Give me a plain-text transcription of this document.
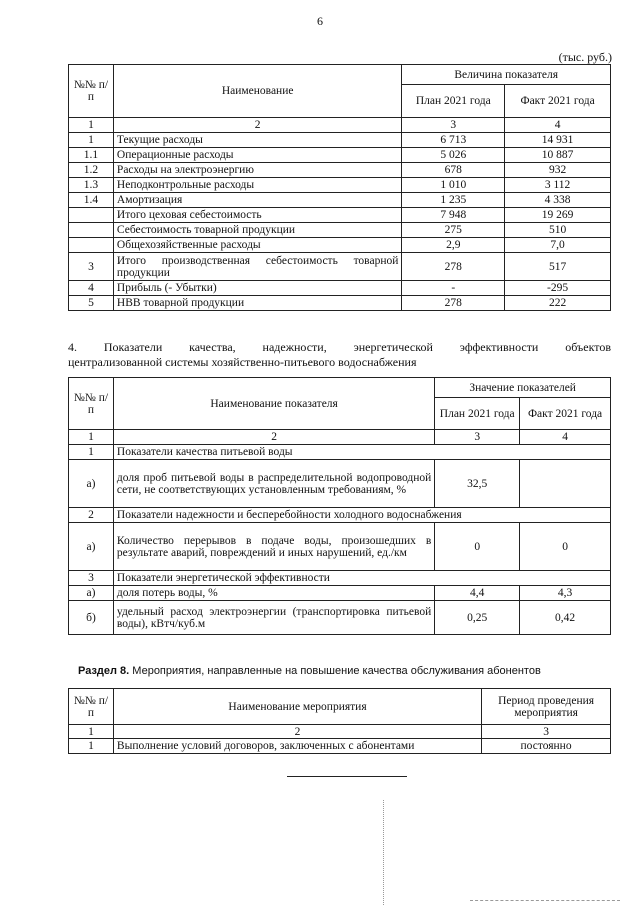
6
(тыс. руб.)
№№ п/п	Наименование	Величина показателя	
		План 2021 года	Факт 2021 года
1	2	3	4
1	Текущие расходы	6 713	14 931
1.1	Операционные расходы	5 026	10 887
1.2	Расходы на электроэнергию	678	932
1.3	Неподконтрольные расходы	1 010	3 112
1.4	Амортизация	1 235	4 338
	Итого цеховая себестоимость	7 948	19 269
	Себестоимость товарной продукции	275	510
	Общехозяйственные расходы	2,9	7,0
3	Итого производственная себестоимость товарной продукции	278	517
4	Прибыль (- Убытки)	-	-295
5	НВВ товарной продукции	278	222
4. Показатели качества, надежности, энергетической эффективности объектов
централизованной системы хозяйственно-питьевого водоснабжения
№№ п/п	Наименование показателя	Значение показателей	
		План 2021 года	Факт 2021 года
1	2	3	4
1	Показатели качества питьевой воды		
а)	доля проб питьевой воды в распределительной водопроводной сети, не соответствующих установленным требованиям, %	32,5	
2	Показатели надежности и бесперебойности холодного водоснабжения		
а)	Количество перерывов в подаче воды, произошедших в результате аварий, повреждений и иных нарушений, ед./км	0	0
3	Показатели энергетической эффективности		
а)	доля потерь воды, %	4,4	4,3
б)	удельный расход электроэнергии (транспортировка питьевой воды), кВтч/куб.м	0,25	0,42
Раздел 8. Мероприятия, направленные на повышение качества обслуживания абонентов
№№ п/п	Наименование мероприятия	Период проведения мероприятия
1	2	3
1	Выполнение условий договоров, заключенных с абонентами	постоянно
